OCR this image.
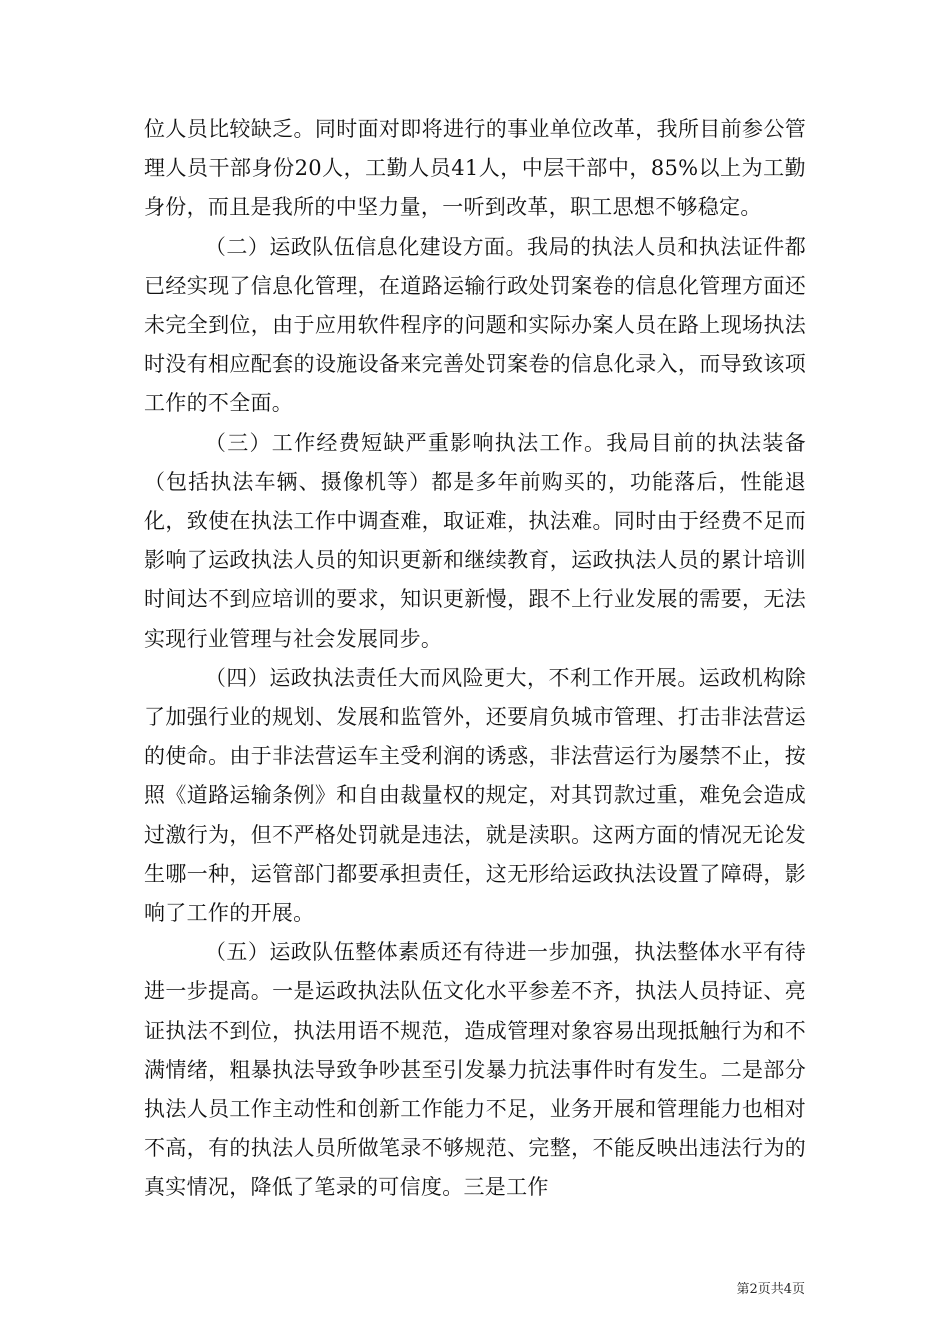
位人员比较缺乏。同时面对即将进行的事业单位改革，我所目前参公管理人员干部身份20人，工勤人员41人，中层干部中，85%以上为工勤身份，而且是我所的中坚力量，一听到改革，职工思想不够稳定。

（二）运政队伍信息化建设方面。我局的执法人员和执法证件都已经实现了信息化管理，在道路运输行政处罚案卷的信息化管理方面还未完全到位，由于应用软件程序的问题和实际办案人员在路上现场执法时没有相应配套的设施设备来完善处罚案卷的信息化录入，而导致该项工作的不全面。

（三）工作经费短缺严重影响执法工作。我局目前的执法装备（包括执法车辆、摄像机等）都是多年前购买的，功能落后，性能退化，致使在执法工作中调查难，取证难，执法难。同时由于经费不足而影响了运政执法人员的知识更新和继续教育，运政执法人员的累计培训时间达不到应培训的要求，知识更新慢，跟不上行业发展的需要，无法实现行业管理与社会发展同步。

（四）运政执法责任大而风险更大，不利工作开展。运政机构除了加强行业的规划、发展和监管外，还要肩负城市管理、打击非法营运的使命。由于非法营运车主受利润的诱惑，非法营运行为屡禁不止，按照《道路运输条例》和自由裁量权的规定，对其罚款过重，难免会造成过激行为，但不严格处罚就是违法，就是渎职。这两方面的情况无论发生哪一种，运管部门都要承担责任，这无形给运政执法设置了障碍，影响了工作的开展。

（五）运政队伍整体素质还有待进一步加强，执法整体水平有待进一步提高。一是运政执法队伍文化水平参差不齐，执法人员持证、亮证执法不到位，执法用语不规范，造成管理对象容易出现抵触行为和不满情绪，粗暴执法导致争吵甚至引发暴力抗法事件时有发生。二是部分执法人员工作主动性和创新工作能力不足，业务开展和管理能力也相对不高，有的执法人员所做笔录不够规范、完整，不能反映出违法行为的真实情况，降低了笔录的可信度。三是工作

第2页共4页
